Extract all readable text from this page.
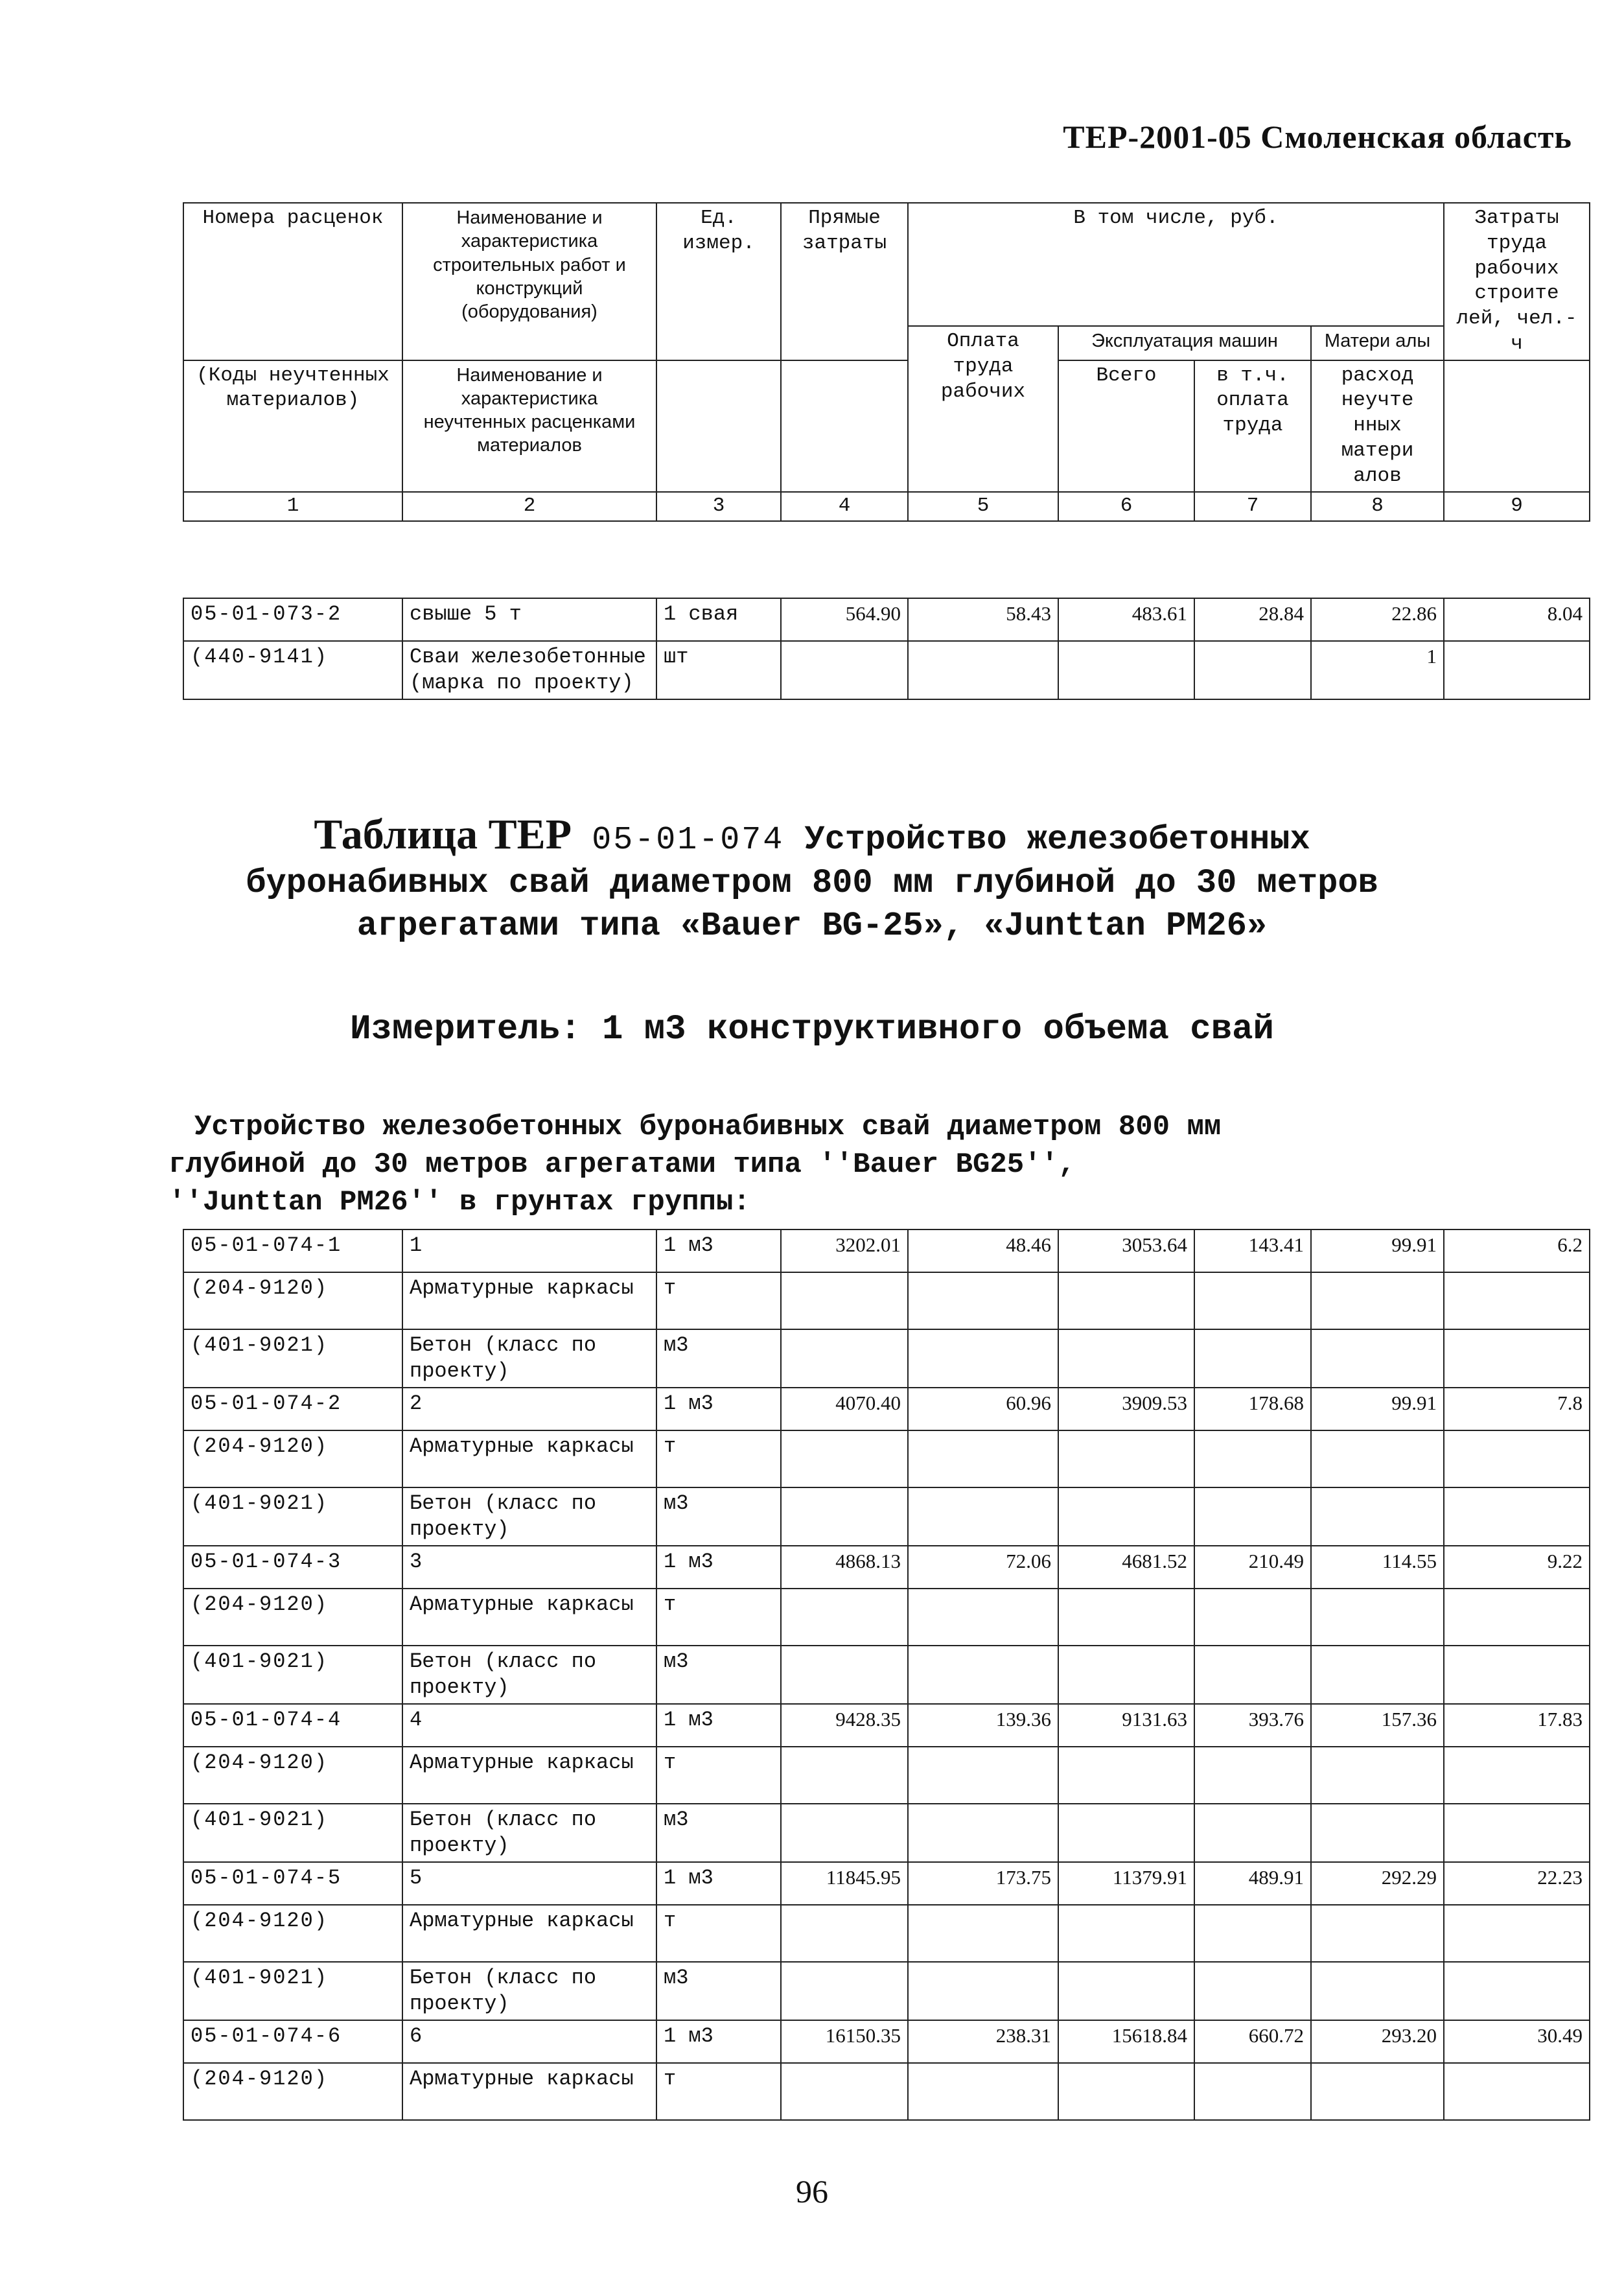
ТЕР-2001-05 Смоленская область
Номера расценок	Наименование и характеристика строительных работ и конструкций (оборудования)	Ед. измер.	Прямые затраты	В том числе, руб.				Затраты труда рабочих строите лей, чел.-ч
				Оплата труда рабочих	Эксплуатация машин		Матери алы	
(Коды неучтенных материалов)	Наименование и характеристика неучтенных расценками материалов				Всего	в т.ч. оплата труда	расход неучте нных матери алов	
1	2	3	4	5	6	7	8	9
05-01-073-2	свыше 5 т	1 свая	564.90	58.43	483.61	28.84	22.86	8.04
(440-9141)	Сваи железобетонные (марка по проекту)	шт					1	
Таблица ТЕР 05-01-074 Устройство железобетонных
буронабивных свай диаметром 800 мм глубиной до 30 метров
агрегатами типа «Bauer BG-25», «Junttan PM26»
Измеритель: 1 м3 конструктивного объема свай
Устройство железобетонных буронабивных свай диаметром 800 мм
глубиной до 30 метров агрегатами типа ''Bauer BG25'',
''Junttan PM26'' в грунтах группы:
05-01-074-1	1	1 м3	3202.01	48.46	3053.64	143.41	99.91	6.2
(204-9120)	Арматурные каркасы	т						
(401-9021)	Бетон (класс по проекту)	м3						
05-01-074-2	2	1 м3	4070.40	60.96	3909.53	178.68	99.91	7.8
(204-9120)	Арматурные каркасы	т						
(401-9021)	Бетон (класс по проекту)	м3						
05-01-074-3	3	1 м3	4868.13	72.06	4681.52	210.49	114.55	9.22
(204-9120)	Арматурные каркасы	т						
(401-9021)	Бетон (класс по проекту)	м3						
05-01-074-4	4	1 м3	9428.35	139.36	9131.63	393.76	157.36	17.83
(204-9120)	Арматурные каркасы	т						
(401-9021)	Бетон (класс по проекту)	м3						
05-01-074-5	5	1 м3	11845.95	173.75	11379.91	489.91	292.29	22.23
(204-9120)	Арматурные каркасы	т						
(401-9021)	Бетон (класс по проекту)	м3						
05-01-074-6	6	1 м3	16150.35	238.31	15618.84	660.72	293.20	30.49
(204-9120)	Арматурные каркасы	т						
96
